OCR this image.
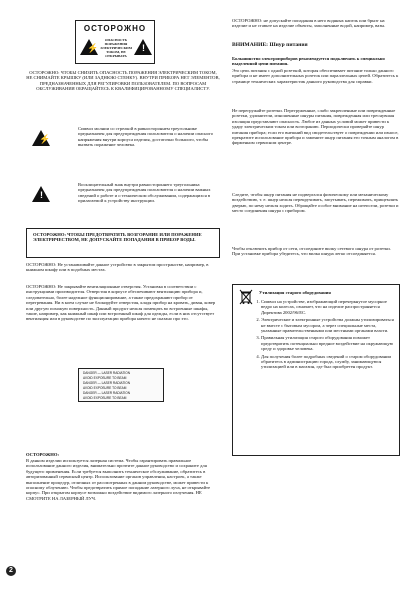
⚡	!
ОСТОРОЖНО
ОПАСНОСТЬ ПОРАЖЕНИЯ ЭЛЕКТРИЧЕСКИМ ТОКОМ, НЕ ОТКРЫВАТЬ
ОСТОРОЖНО: ЧТОБЫ СНИЗИТЬ ОПАСНОСТЬ ПОРАЖЕНИЯ ЭЛЕКТРИЧЕСКИМ ТОКОМ, НЕ СНИМАЙТЕ КРЫШКУ (ИЛИ ЗАДНЮЮ СТЕНКУ). ВНУТРИ ПРИБОРА НЕТ ЭЛЕМЕНТОВ, ПРЕДНАЗНАЧЕННЫХ ДЛЯ РЕГУЛИРОВКИ ПОЛЬЗОВАТЕЛЕМ. ПО ВОПРОСАМ ОБСЛУЖИВАНИЯ ОБРАЩАЙТЕСЬ К КВАЛИФИЦИРОВАННОМУ СПЕЦИАЛИСТУ.
⚡
Символ молнии со стрелкой в равностороннем треугольнике предназначен для предупреждения пользователя о наличии опасного напряжения внутри корпуса изделия, достаточно большого, чтобы вызвать поражение человека.
!
Восклицательный знак внутри равностороннего треугольника предназначен для предупреждения пользователя о наличии важных сведений о работе и о техническом обслуживании, содержащихся в прилагаемой к устройству инструкции.
ОСТОРОЖНО: ЧТОБЫ ПРЕДОТВРАТИТЬ ВОЗГОРАНИЕ ИЛИ ПОРАЖЕНИЕ ЭЛЕКТРИЧЕСТВОМ, НЕ ДОПУСКАЙТЕ ПОПАДАНИЯ В ПРИБОР ВОДЫ.
ОСТОРОЖНО: Не устанавливайте данное устройство в закрытом пространстве, например, в книжном шкафу или в подобных местах.
ОСТОРОЖНО: Не закрывайте вентиляционные отверстия. Установка в соответствии с инструкциями производителя. Отверстия в корпусе обеспечивают вентиляцию прибора и, следовательно, более надежное функционирование, а также предохраняют прибор от перегревания. Ни в коем случае не блокируйте отверстия, кладя прибор на кровать, диван, ковер или другую похожую поверхность. Данный продукт нельзя помещать во встроенные шкафы, такие, например, как книжный шкаф или встроенный шкаф для одежды, если в них отсутствует вентиляция или в руководстве по эксплуатации прибора ничего не сказано про это.
DANGER — LASER RADIATION
AVOID EXPOSURE TO BEAM
DANGER — LASER RADIATION
AVOID EXPOSURE TO BEAM
DANGER — LASER RADIATION
AVOID EXPOSURE TO BEAM
ОСТОРОЖНО:
В данном изделии используется лазерная система. Чтобы гарантировать правильное использование данного изделия, внимательно прочтите данное руководство и сохраните для будущего применения. Если требуется выполнить техническое обслуживание, обратитесь в авторизованный сервисный центр. Использование органов управления, настроек, а также выполнение процедур, отличных от рассмотренных в данном руководстве, может привести к опасному облучению. Чтобы предотвратить прямое попадание лазерного луча, не открывайте корпус. При открытом корпусе возможно воздействие видимого лазерного излучения. НЕ СМОТРИТЕ НА ЛАЗЕРНЫЙ ЛУЧ.
2
ОСТОРОЖНО: не допускайте попадания в него водяных капель или брызг на изделие и не ставьте на изделие объекты, заполненные водой, например, вазы.
ВНИМАНИЕ: Шнур питания
Большинство электроприборов рекомендуется подключать к специально выделенной цепи питания.
Это цепь питания с одной розеткой, которая обеспечивает питание только данного прибора и не имеет дополнительных розеток или параллельных цепей. Обратитесь к странице технических характеристик данного руководства для справки.
Не перегружайте розетки. Перегруженные, слабо закрепленные или поврежденные розетки, удлинители, изношенные шнуры питания, поврежденная или треснувшая изоляция представляют опасность. Любое из данных условий может привести к удару электрическим током или возгоранию. Периодически проверяйте шнур питания прибора; если его внешний вид свидетельствует о повреждении или износе, прекратите использование прибора и замените шнур питания его точным аналогом в фирменном сервисном центре.
Следите, чтобы шнур питания не подвергался физическому или механическому воздействию, т. е. шнур нельзя перекручивать, запутывать, пережимать, прищемлять дверью, по нему нельзя ходить. Обращайте особое внимание на штепсели, розетки и место соединения шнура с прибором.
Чтобы отключить прибор от сети, отсоедините вилку сетевого шнура от розетки. При установке прибора убедитесь, что вилка шнура легко отсоединяется.
Утилизация старого оборудования
1. Символ на устройстве, изображающий перечеркнутое мусорное ведро на колесах, означает, что на изделие распространяется Директива 2002/96/EC.
2. Электрические и электронные устройства должны утилизироваться не вместе с бытовым мусором, а через специальные места, указанные правительственными или местными органами власти.
3. Правильная утилизация старого оборудования поможет предотвратить потенциально вредное воздействие на окружающую среду и здоровье человека.
4. Для получения более подробных сведений о старом оборудовании обратитесь в администрацию города, службу, занимающуюся утилизацией или в магазин, где был приобретен продукт.
